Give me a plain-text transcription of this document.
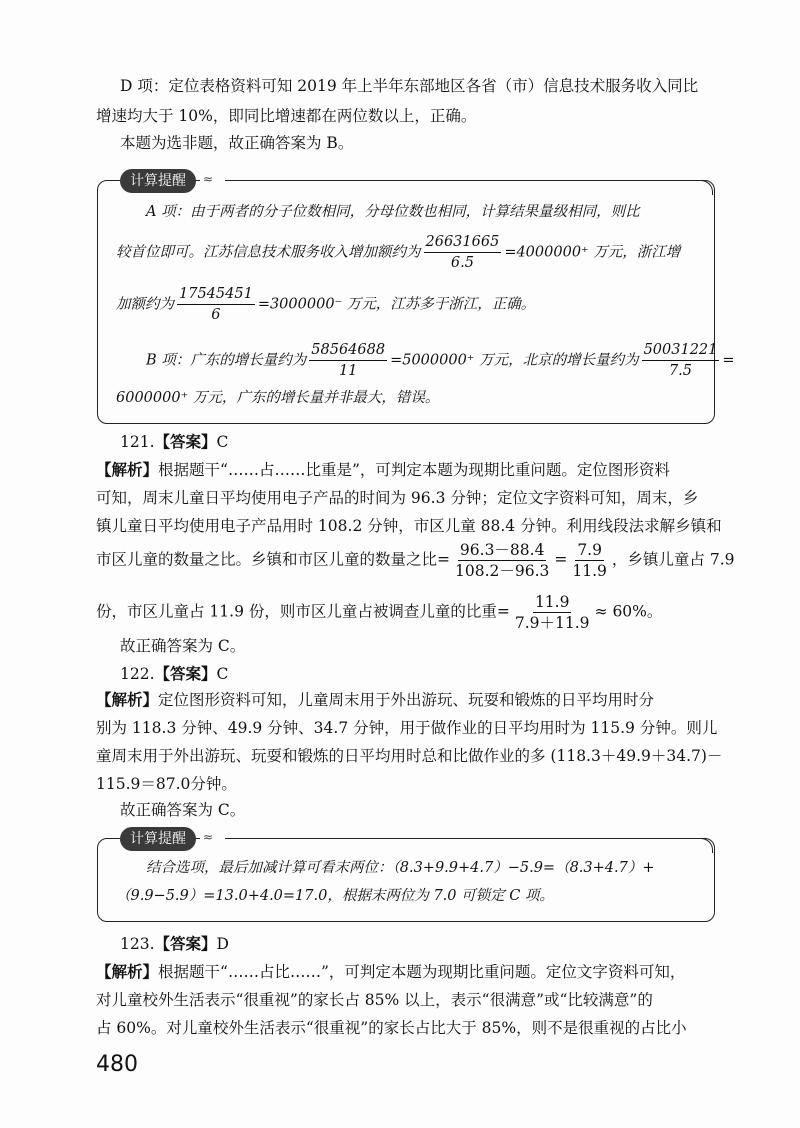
D 项：定位表格资料可知 2019 年上半年东部地区各省（市）信息技术服务收入同比
增速均大于 10%，即同比增速都在两位数以上，正确。
本题为选非题，故正确答案为 B。
计算提醒	≈
A 项：由于两者的分子位数相同，分母位数也相同，计算结果量级相同，则比
较首位即可。江苏信息技术服务收入增加额约为 $\frac{26631665}{6.5} =4000000^+$ 万元，浙江增
加额约为 $\frac{17545451}{6} =3000000^-$ 万元，江苏多于浙江，正确。
B 项：广东的增长量约为 $\frac{58564688}{11} =5000000^+$ 万元，北京的增长量约为 $\frac{50031221}{7.5}$ =
6000000⁺ 万元，广东的增长量并非最大，错误。
121.【答案】C
【解析】根据题干“……占……比重是”，可判定本题为现期比重问题。定位图形资料
可知，周末儿童日平均使用电子产品的时间为 96.3 分钟；定位文字资料可知，周末，乡
镇儿童日平均使用电子产品用时 108.2 分钟，市区儿童 88.4 分钟。利用线段法求解乡镇和
市区儿童的数量之比。乡镇和市区儿童的数量之比= $\frac{96.3-88.4}{108.2-96.3} = \frac{7.9}{11.9}$ ，乡镇儿童占 7.9
份，市区儿童占 11.9 份，则市区儿童占被调查儿童的比重= $\frac{11.9}{7.9+11.9} \approx 60\%$。
故正确答案为 C。
122.【答案】C
【解析】定位图形资料可知，儿童周末用于外出游玩、玩耍和锻炼的日平均用时分
别为 118.3 分钟、49.9 分钟、34.7 分钟，用于做作业的日平均用时为 115.9 分钟。则儿
童周末用于外出游玩、玩耍和锻炼的日平均用时总和比做作业的多 (118.3＋49.9＋34.7)－
115.9＝87.0分钟。
故正确答案为 C。
计算提醒	≈
结合选项，最后加减计算可看末两位：（8.3+9.9+4.7）−5.9=（8.3+4.7）+
（9.9−5.9）=13.0+4.0=17.0，根据末两位为 7.0 可锁定 C 项。
123.【答案】D
【解析】根据题干“……占比……”，可判定本题为现期比重问题。定位文字资料可知，
对儿童校外生活表示“很重视”的家长占 85% 以上，表示“很满意”或“比较满意”的
占 60%。对儿童校外生活表示“很重视”的家长占比大于 85%，则不是很重视的占比小
480
